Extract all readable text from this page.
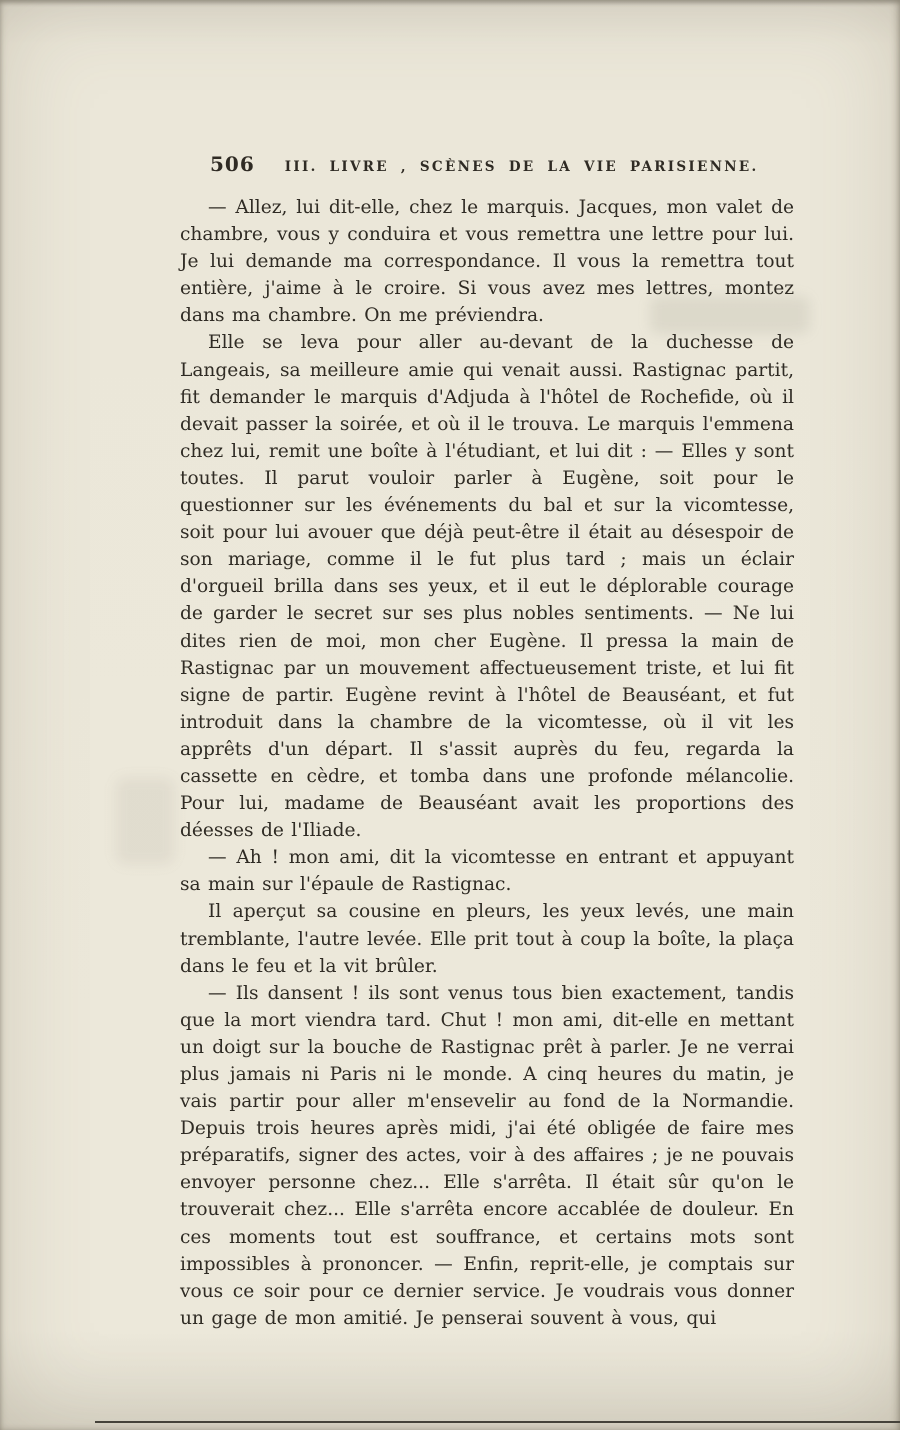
506 III. LIVRE , SCÈNES DE LA VIE PARISIENNE.

— Allez, lui dit-elle, chez le marquis. Jacques, mon valet de chambre, vous y conduira et vous remettra une lettre pour lui. Je lui demande ma correspondance. Il vous la remettra tout entière, j'aime à le croire. Si vous avez mes lettres, montez dans ma chambre. On me préviendra.

Elle se leva pour aller au-devant de la duchesse de Langeais, sa meilleure amie qui venait aussi. Rastignac partit, fit demander le marquis d'Adjuda à l'hôtel de Rochefide, où il devait passer la soirée, et où il le trouva. Le marquis l'emmena chez lui, remit une boîte à l'étudiant, et lui dit : — Elles y sont toutes. Il parut vouloir parler à Eugène, soit pour le questionner sur les événements du bal et sur la vicomtesse, soit pour lui avouer que déjà peut-être il était au désespoir de son mariage, comme il le fut plus tard ; mais un éclair d'orgueil brilla dans ses yeux, et il eut le déplorable courage de garder le secret sur ses plus nobles sentiments. — Ne lui dites rien de moi, mon cher Eugène. Il pressa la main de Rastignac par un mouvement affectueusement triste, et lui fit signe de partir. Eugène revint à l'hôtel de Beauséant, et fut introduit dans la chambre de la vicomtesse, où il vit les apprêts d'un départ. Il s'assit auprès du feu, regarda la cassette en cèdre, et tomba dans une profonde mélancolie. Pour lui, madame de Beauséant avait les proportions des déesses de l'Iliade.

— Ah ! mon ami, dit la vicomtesse en entrant et appuyant sa main sur l'épaule de Rastignac.

Il aperçut sa cousine en pleurs, les yeux levés, une main tremblante, l'autre levée. Elle prit tout à coup la boîte, la plaça dans le feu et la vit brûler.

— Ils dansent ! ils sont venus tous bien exactement, tandis que la mort viendra tard. Chut ! mon ami, dit-elle en mettant un doigt sur la bouche de Rastignac prêt à parler. Je ne verrai plus jamais ni Paris ni le monde. A cinq heures du matin, je vais partir pour aller m'ensevelir au fond de la Normandie. Depuis trois heures après midi, j'ai été obligée de faire mes préparatifs, signer des actes, voir à des affaires ; je ne pouvais envoyer personne chez... Elle s'arrêta. Il était sûr qu'on le trouverait chez... Elle s'arrêta encore accablée de douleur. En ces moments tout est souffrance, et certains mots sont impossibles à prononcer. — Enfin, reprit-elle, je comptais sur vous ce soir pour ce dernier service. Je voudrais vous donner un gage de mon amitié. Je penserai souvent à vous, qui
